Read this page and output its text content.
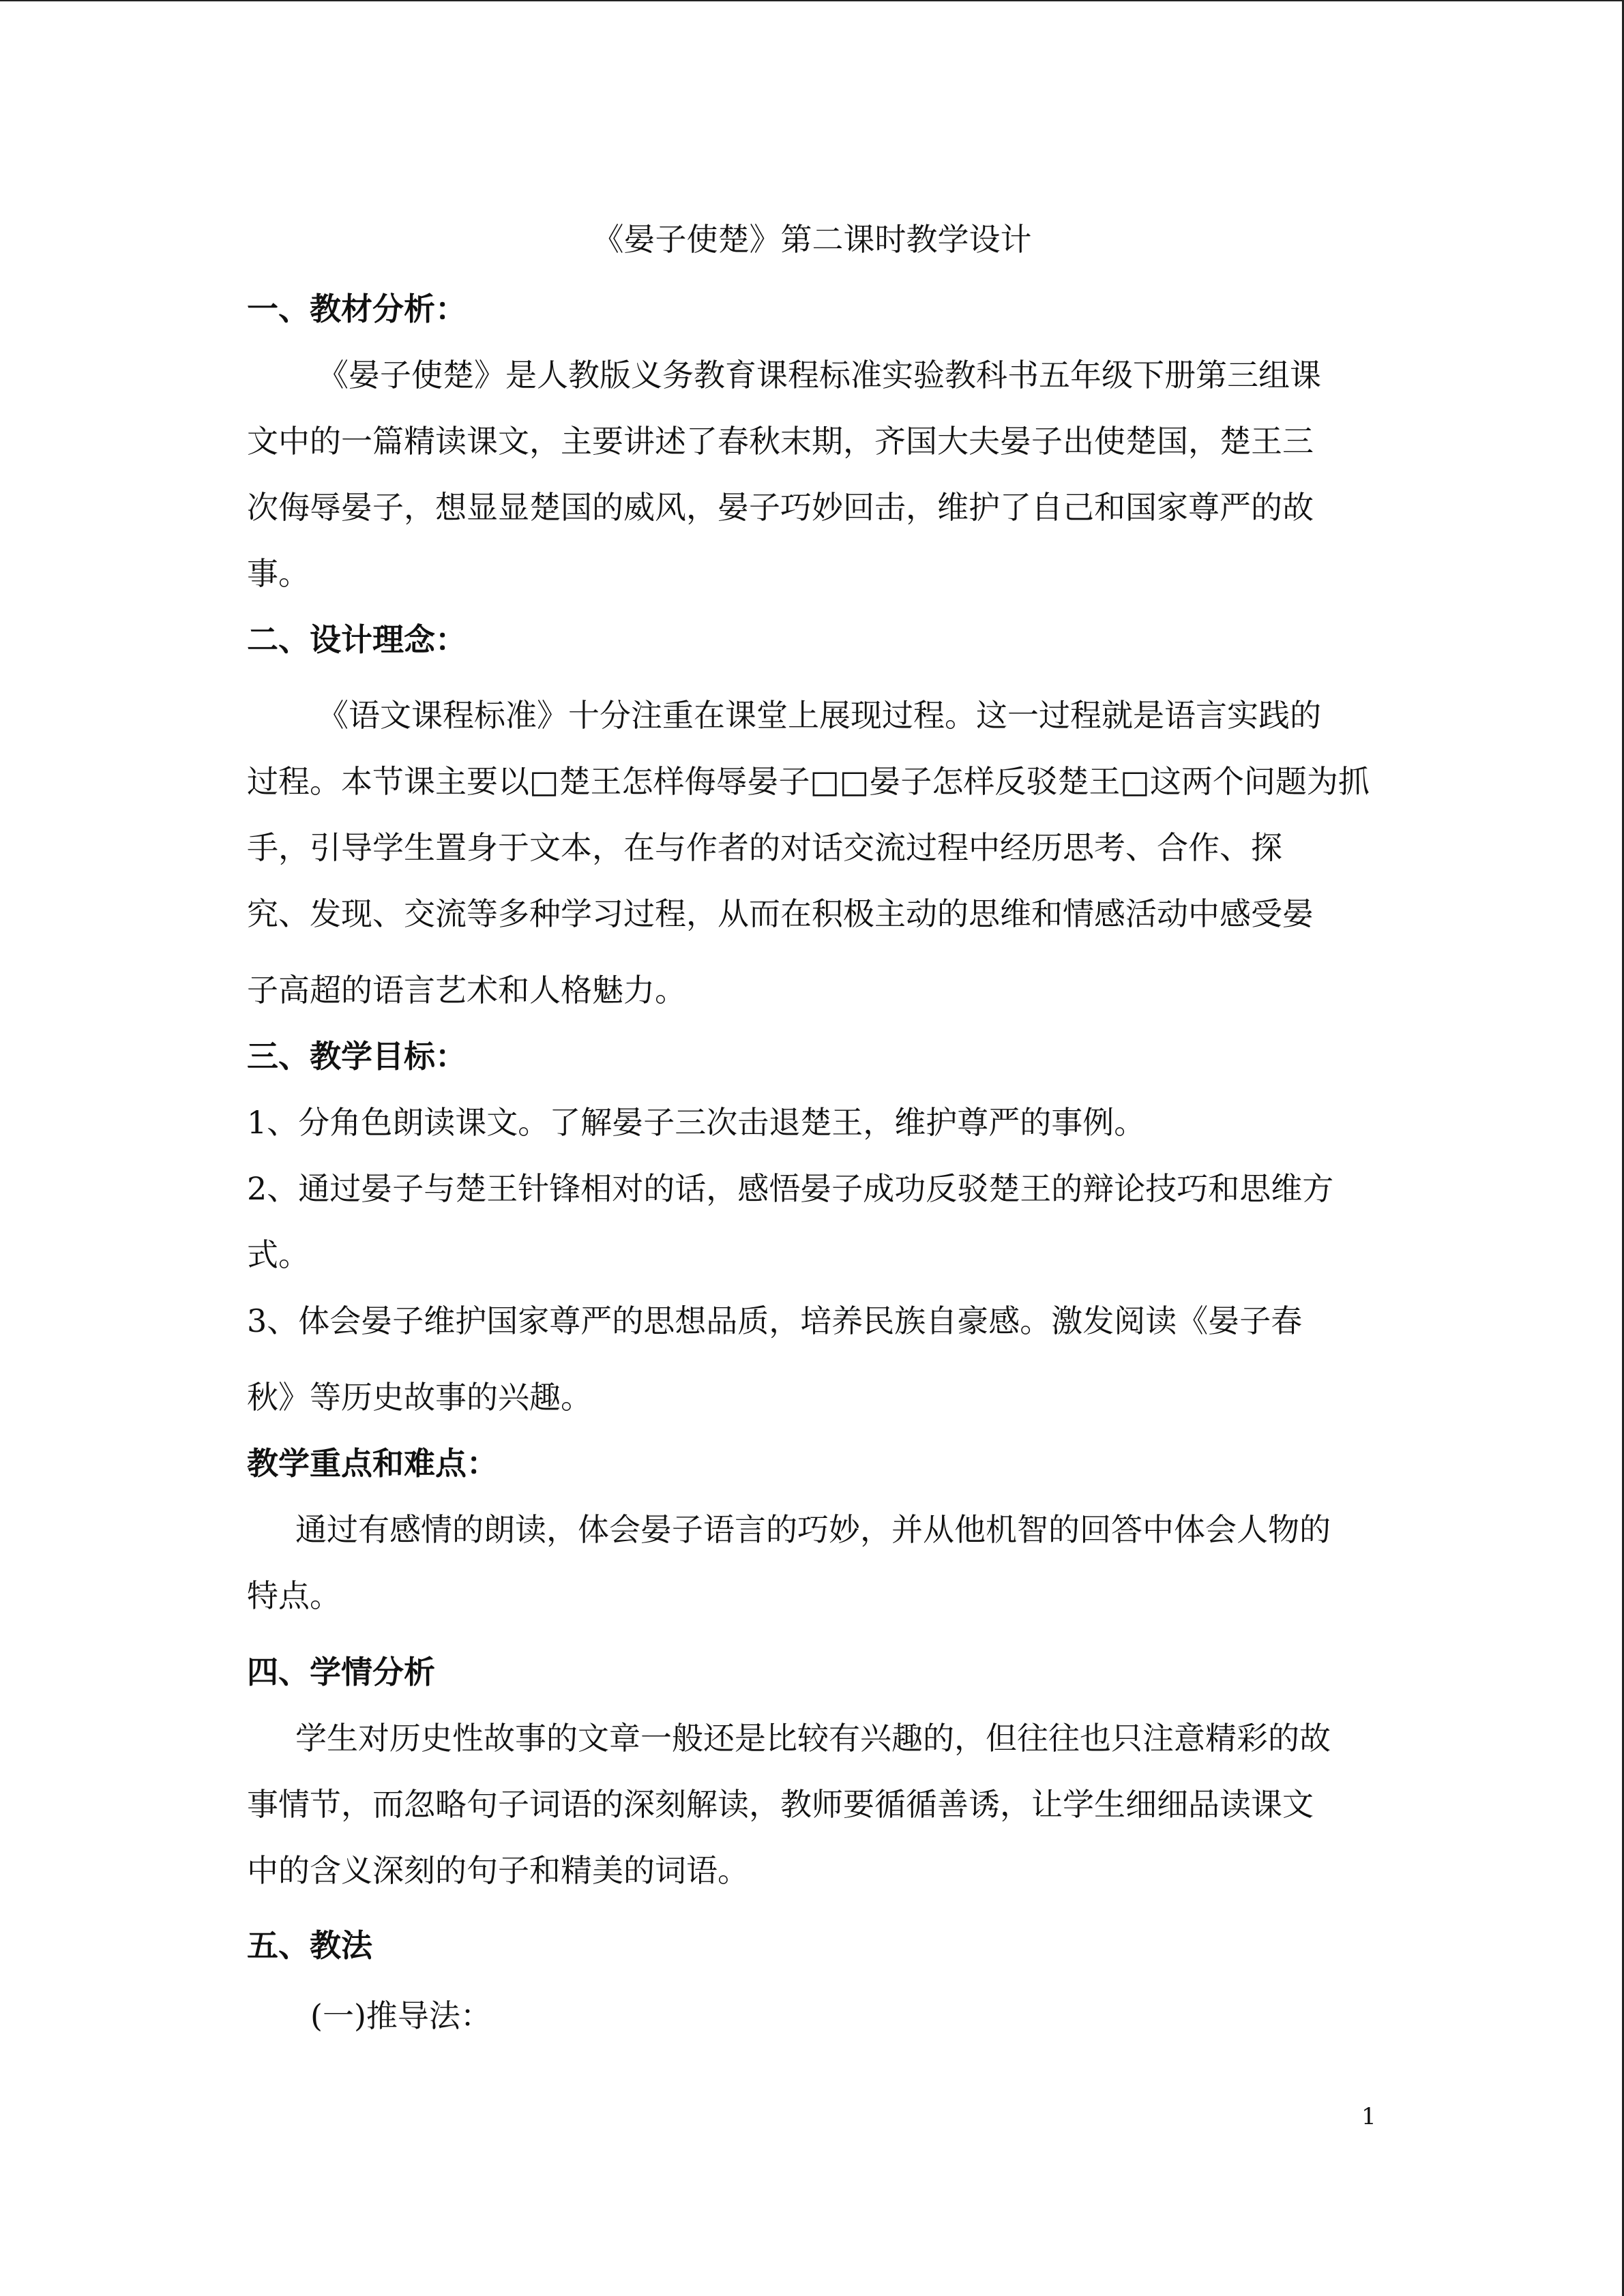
《晏子使楚》第二课时教学设计
一、教材分析：
《晏子使楚》是人教版义务教育课程标准实验教科书五年级下册第三组课
文中的一篇精读课文，主要讲述了春秋末期，齐国大夫晏子出使楚国，楚王三
次侮辱晏子，想显显楚国的威风，晏子巧妙回击，维护了自己和国家尊严的故
事。
二、设计理念：
《语文课程标准》十分注重在课堂上展现过程。这一过程就是语言实践的
过程。本节课主要以□楚王怎样侮辱晏子□□晏子怎样反驳楚王□这两个问题为抓
手，引导学生置身于文本，在与作者的对话交流过程中经历思考、合作、探
究、发现、交流等多种学习过程，从而在积极主动的思维和情感活动中感受晏
子高超的语言艺术和人格魅力。
三、教学目标：
1、分角色朗读课文。了解晏子三次击退楚王，维护尊严的事例。
2、通过晏子与楚王针锋相对的话，感悟晏子成功反驳楚王的辩论技巧和思维方
式。
3、体会晏子维护国家尊严的思想品质，培养民族自豪感。激发阅读《晏子春
秋》等历史故事的兴趣。
教学重点和难点：
通过有感情的朗读，体会晏子语言的巧妙，并从他机智的回答中体会人物的
特点。
四、学情分析
学生对历史性故事的文章一般还是比较有兴趣的，但往往也只注意精彩的故
事情节，而忽略句子词语的深刻解读，教师要循循善诱，让学生细细品读课文
中的含义深刻的句子和精美的词语。
五、教法
(一)推导法：
1
